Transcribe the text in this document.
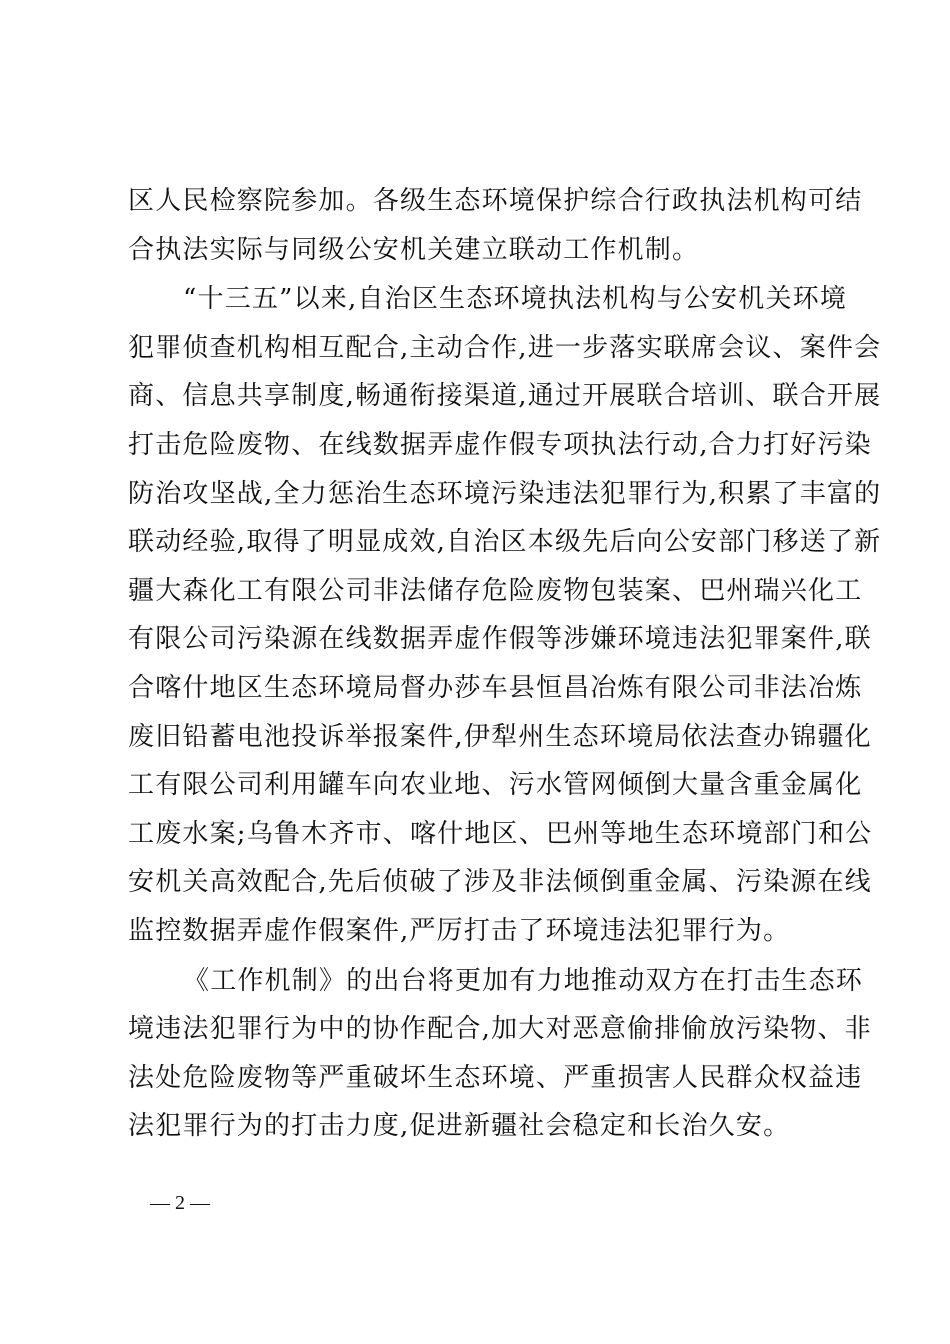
区人民检察院参加。各级生态环境保护综合行政执法机构可结
合执法实际与同级公安机关建立联动工作机制。
“十三五”以来,自治区生态环境执法机构与公安机关环境
犯罪侦查机构相互配合,主动合作,进一步落实联席会议、案件会
商、信息共享制度,畅通衔接渠道,通过开展联合培训、联合开展
打击危险废物、在线数据弄虚作假专项执法行动,合力打好污染
防治攻坚战,全力惩治生态环境污染违法犯罪行为,积累了丰富的
联动经验,取得了明显成效,自治区本级先后向公安部门移送了新
疆大森化工有限公司非法储存危险废物包装案、巴州瑞兴化工
有限公司污染源在线数据弄虚作假等涉嫌环境违法犯罪案件,联
合喀什地区生态环境局督办莎车县恒昌冶炼有限公司非法冶炼
废旧铅蓄电池投诉举报案件,伊犁州生态环境局依法查办锦疆化
工有限公司利用罐车向农业地、污水管网倾倒大量含重金属化
工废水案;乌鲁木齐市、喀什地区、巴州等地生态环境部门和公
安机关高效配合,先后侦破了涉及非法倾倒重金属、污染源在线
监控数据弄虚作假案件,严厉打击了环境违法犯罪行为。
《工作机制》的出台将更加有力地推动双方在打击生态环
境违法犯罪行为中的协作配合,加大对恶意偷排偷放污染物、非
法处危险废物等严重破坏生态环境、严重损害人民群众权益违
法犯罪行为的打击力度,促进新疆社会稳定和长治久安。
— 2 —
